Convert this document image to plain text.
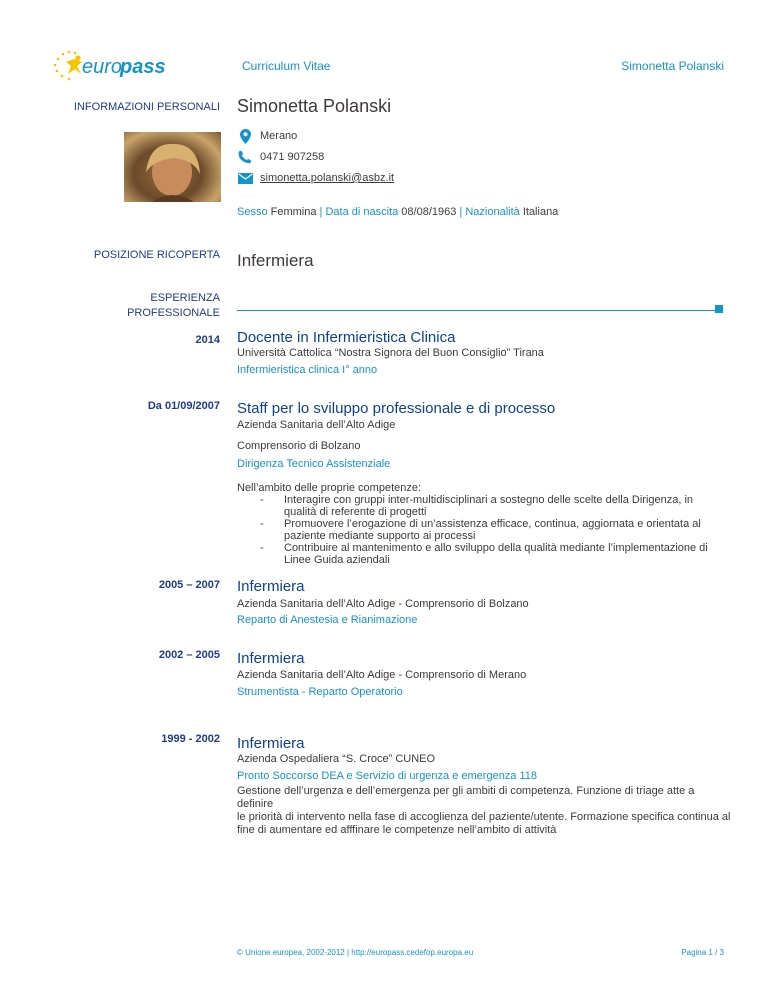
euro
pass	Curriculum Vitae	Simonetta Polanski
INFORMAZIONI PERSONALI Simonetta Polanski
Merano
0471 907258
simonetta.polanski@asbz.it
Sesso Femmina | Data di nascita 08/08/1963 | Nazionalità Italiana
POSIZIONE RICOPERTA Infermiera
ESPERIENZA
PROFESSIONALE
2014 Docente in Infermieristica Clinica
Università Cattolica “Nostra Signora del Buon Consiglio” Tirana
Infermieristica clinica I° anno
Da 01/09/2007 Staff per lo sviluppo professionale e di processo
Azienda Sanitaria dell’Alto Adige
Comprensorio di Bolzano
Dirigenza Tecnico Assistenziale
Nell’ambito delle proprie competenze:
- Interagire con gruppi inter-multidisciplinari a sostegno delle scelte della Dirigenza, in qualità di referente di progetti
- Promuovere l’erogazione di un’assistenza efficace, continua, aggiornata e orientata al paziente mediante supporto ai processi
- Contribuire al mantenimento e allo sviluppo della qualità mediante l’implementazione di Linee Guida aziendali
2005 – 2007 Infermiera
Azienda Sanitaria dell’Alto Adige - Comprensorio di Bolzano
Reparto di Anestesia e Rianimazione
2002 – 2005 Infermiera
Azienda Sanitaria dell’Alto Adige - Comprensorio di Merano
Strumentista - Reparto Operatorio
1999 - 2002 Infermiera
Azienda Ospedaliera “S. Croce” CUNEO
Pronto Soccorso DEA e Servizio di urgenza e emergenza 118
Gestione dell’urgenza e dell’emergenza per gli ambiti di competenza. Funzione di triage atte a definire
le priorità di intervento nella fase di accoglienza del paziente/utente. Formazione specifica continua al
fine di aumentare ed afffinare le competenze nell’ambito di attività
© Unione europea, 2002-2012 | http://europass.cedefop.europa.eu	Pagina 1 / 3
